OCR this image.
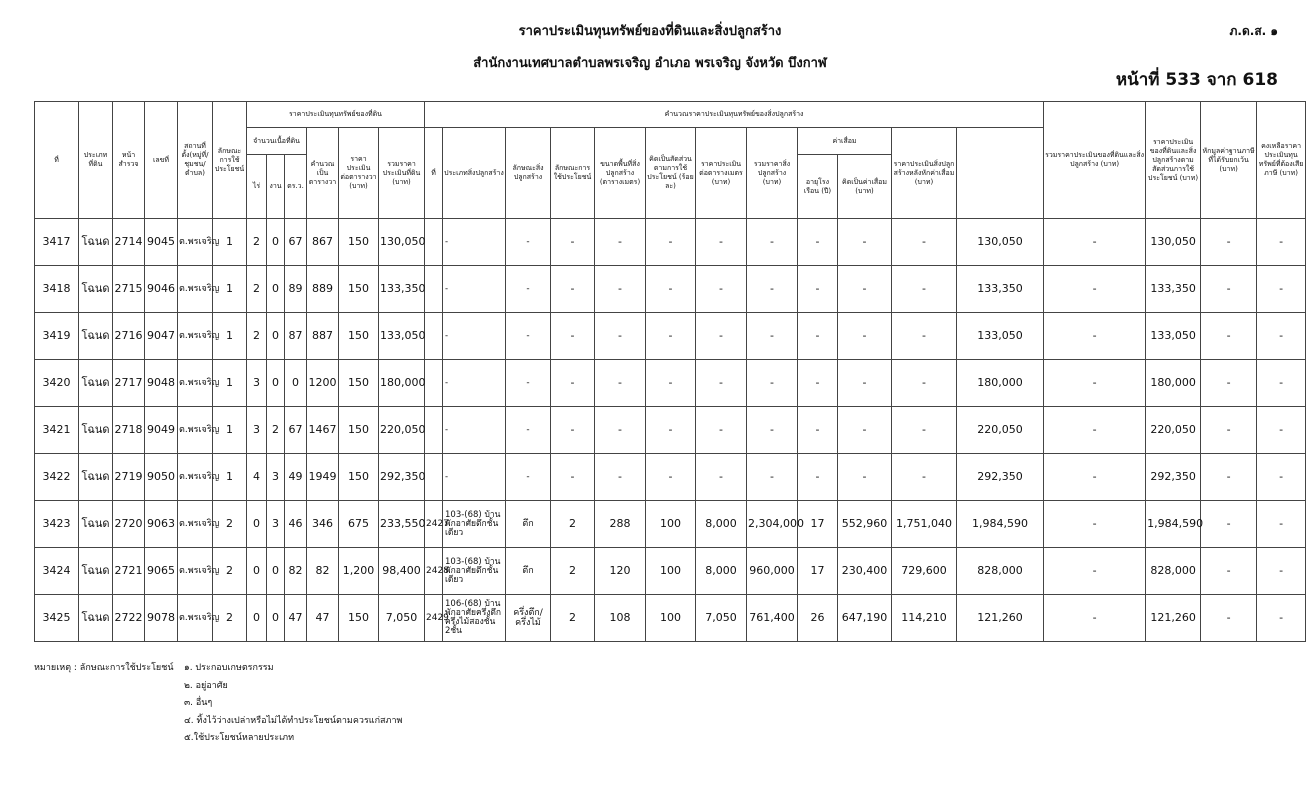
ราคาประเมินทุนทรัพย์ของที่ดินและสิ่งปลูกสร้าง
สำนักงานเทศบาลตำบลพรเจริญ อำเภอ พรเจริญ จังหวัด บึงกาฬ
ภ.ด.ส. ๑
หน้าที่ 533 จาก 618
ที่	ประเภทที่ดิน	หน้าสำรวจ	เลขที่	สถานที่ตั้ง(หมู่ที่/ชุมชน/ตำบล)	ลักษณะการใช้ประโยชน์	ราคาประเมินทุนทรัพย์ของที่ดิน						คำนวณราคาประเมินทุนทรัพย์ของสิ่งปลูกสร้าง												รวมราคาประเมินของที่ดินและสิ่งปลูกสร้าง (บาท)	ราคาประเมินของที่ดินและสิ่งปลูกสร้างตามสัดส่วนการใช้ประโยชน์ (บาท)	หักมูลค่าฐานภาษีที่ได้รับยกเว้น (บาท)	คงเหลือราคาประเมินทุนทรัพย์ที่ต้องเสียภาษี (บาท)	
						จำนวนเนื้อที่ดิน			คำนวณเป็นตารางวา	ราคาประเมินต่อตารางวา (บาท)	รวมราคาประเมินที่ดิน (บาท)	ที่	ประเภทสิ่งปลูกสร้าง	ลักษณะสิ่งปลูกสร้าง	ลักษณะการใช้ประโยชน์	ขนาดพื้นที่สิ่งปลูกสร้าง (ตารางเมตร)	คิดเป็นสัดส่วนตามการใช้ประโยชน์ (ร้อยละ)	ราคาประเมินต่อตารางเมตร (บาท)	รวมราคาสิ่งปลูกสร้าง (บาท)	ค่าเสื่อม		ราคาประเมินสิ่งปลูกสร้างหลังหักค่าเสื่อม (บาท)						
						ไร่	งาน	ตร.ว.												อายุโรงเรือน (ปี)	คิดเป็นค่าเสื่อม (บาท)							
3417	โฉนด	2714	9045	ต.พรเจริญ	1	2	0	67	867	150	130,050		-	-	-	-	-	-	-	-	-	-	130,050	-	130,050	-	-	
3418	โฉนด	2715	9046	ต.พรเจริญ	1	2	0	89	889	150	133,350		-	-	-	-	-	-	-	-	-	-	133,350	-	133,350	-	-	
3419	โฉนด	2716	9047	ต.พรเจริญ	1	2	0	87	887	150	133,050		-	-	-	-	-	-	-	-	-	-	133,050	-	133,050	-	-	
3420	โฉนด	2717	9048	ต.พรเจริญ	1	3	0	0	1200	150	180,000		-	-	-	-	-	-	-	-	-	-	180,000	-	180,000	-	-	
3421	โฉนด	2718	9049	ต.พรเจริญ	1	3	2	67	1467	150	220,050		-	-	-	-	-	-	-	-	-	-	220,050	-	220,050	-	-	
3422	โฉนด	2719	9050	ต.พรเจริญ	1	4	3	49	1949	150	292,350		-	-	-	-	-	-	-	-	-	-	292,350	-	292,350	-	-	
3423	โฉนด	2720	9063	ต.พรเจริญ	2	0	3	46	346	675	233,550	2427	103-(68) บ้านพักอาศัยตึกชั้นเดียว	ตึก	2	288	100	8,000	2,304,000	17	552,960	1,751,040	1,984,590	-	1,984,590	-	-	
3424	โฉนด	2721	9065	ต.พรเจริญ	2	0	0	82	82	1,200	98,400	2428	103-(68) บ้านพักอาศัยตึกชั้นเดียว	ตึก	2	120	100	8,000	960,000	17	230,400	729,600	828,000	-	828,000	-	-	
3425	โฉนด	2722	9078	ต.พรเจริญ	2	0	0	47	47	150	7,050	2429	106-(68) บ้านพักอาศัยครึ่งตึกครึ่งไม้สองชั้น 2ชั้น	ครึ่งตึก/ครึ่งไม้	2	108	100	7,050	761,400	26	647,190	114,210	121,260	-	121,260	-	-	
หมายเหตุ : ลักษณะการใช้ประโยชน์ ๑. ประกอบเกษตรกรรม
๒. อยู่อาศัย
๓. อื่นๆ
๔. ทิ้งไว้ว่างเปล่าหรือไม่ได้ทำประโยชน์ตามควรแก่สภาพ
๕.ใช้ประโยชน์หลายประเภท
